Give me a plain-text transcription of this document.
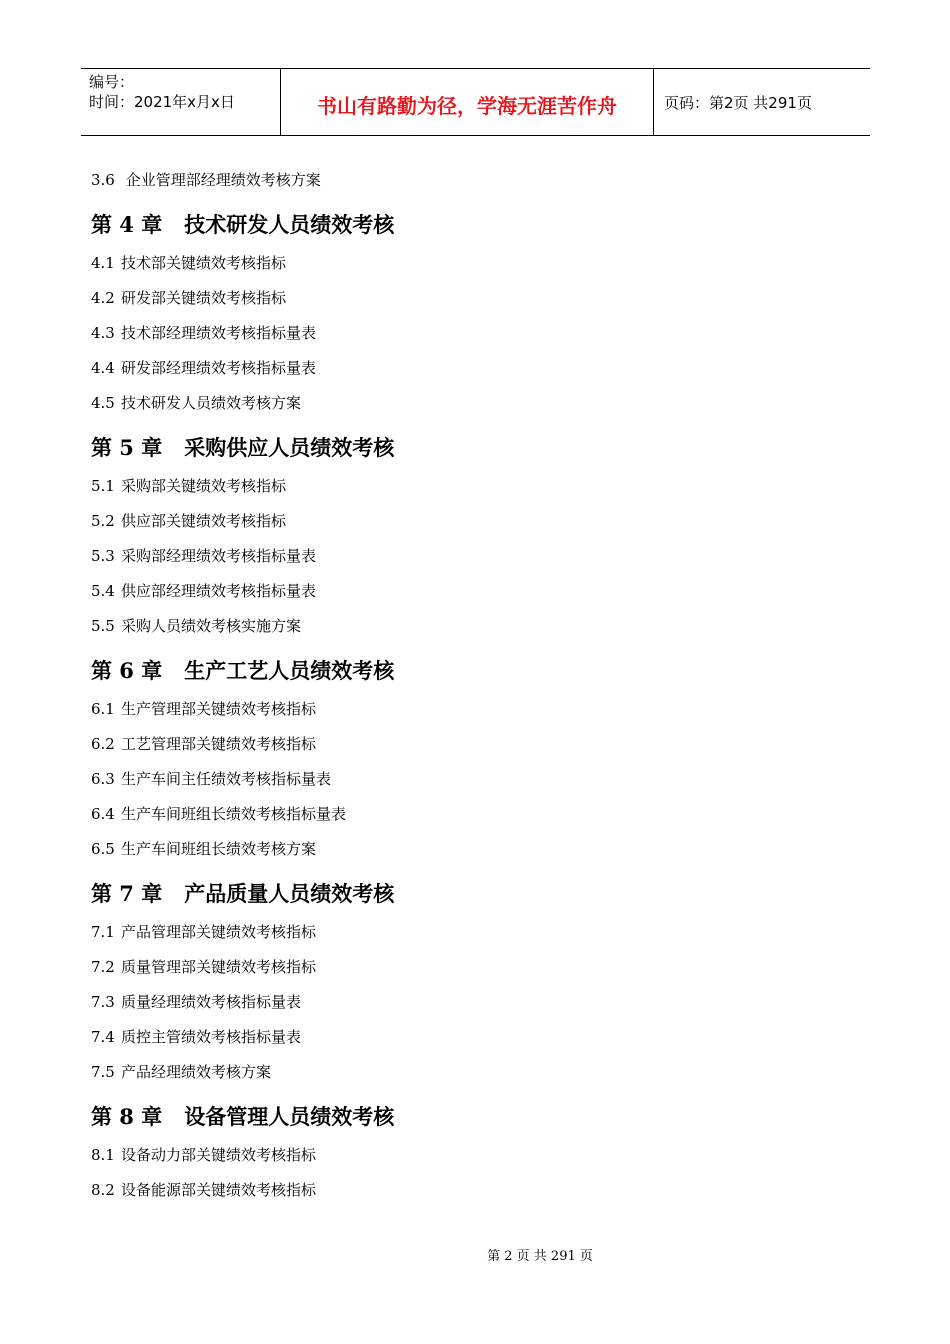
编号：
时间：2021年x月x日	书山有路勤为径，学海无涯苦作舟	页码：第2页 共291页
3.6 企业管理部经理绩效考核方案
第 4 章 技术研发人员绩效考核
4.1 技术部关键绩效考核指标
4.2 研发部关键绩效考核指标
4.3 技术部经理绩效考核指标量表
4.4 研发部经理绩效考核指标量表
4.5 技术研发人员绩效考核方案
第 5 章 采购供应人员绩效考核
5.1 采购部关键绩效考核指标
5.2 供应部关键绩效考核指标
5.3 采购部经理绩效考核指标量表
5.4 供应部经理绩效考核指标量表
5.5 采购人员绩效考核实施方案
第 6 章 生产工艺人员绩效考核
6.1 生产管理部关键绩效考核指标
6.2 工艺管理部关键绩效考核指标
6.3 生产车间主任绩效考核指标量表
6.4 生产车间班组长绩效考核指标量表
6.5 生产车间班组长绩效考核方案
第 7 章 产品质量人员绩效考核
7.1 产品管理部关键绩效考核指标
7.2 质量管理部关键绩效考核指标
7.3 质量经理绩效考核指标量表
7.4 质控主管绩效考核指标量表
7.5 产品经理绩效考核方案
第 8 章 设备管理人员绩效考核
8.1 设备动力部关键绩效考核指标
8.2 设备能源部关键绩效考核指标
第 2 页 共 291 页
